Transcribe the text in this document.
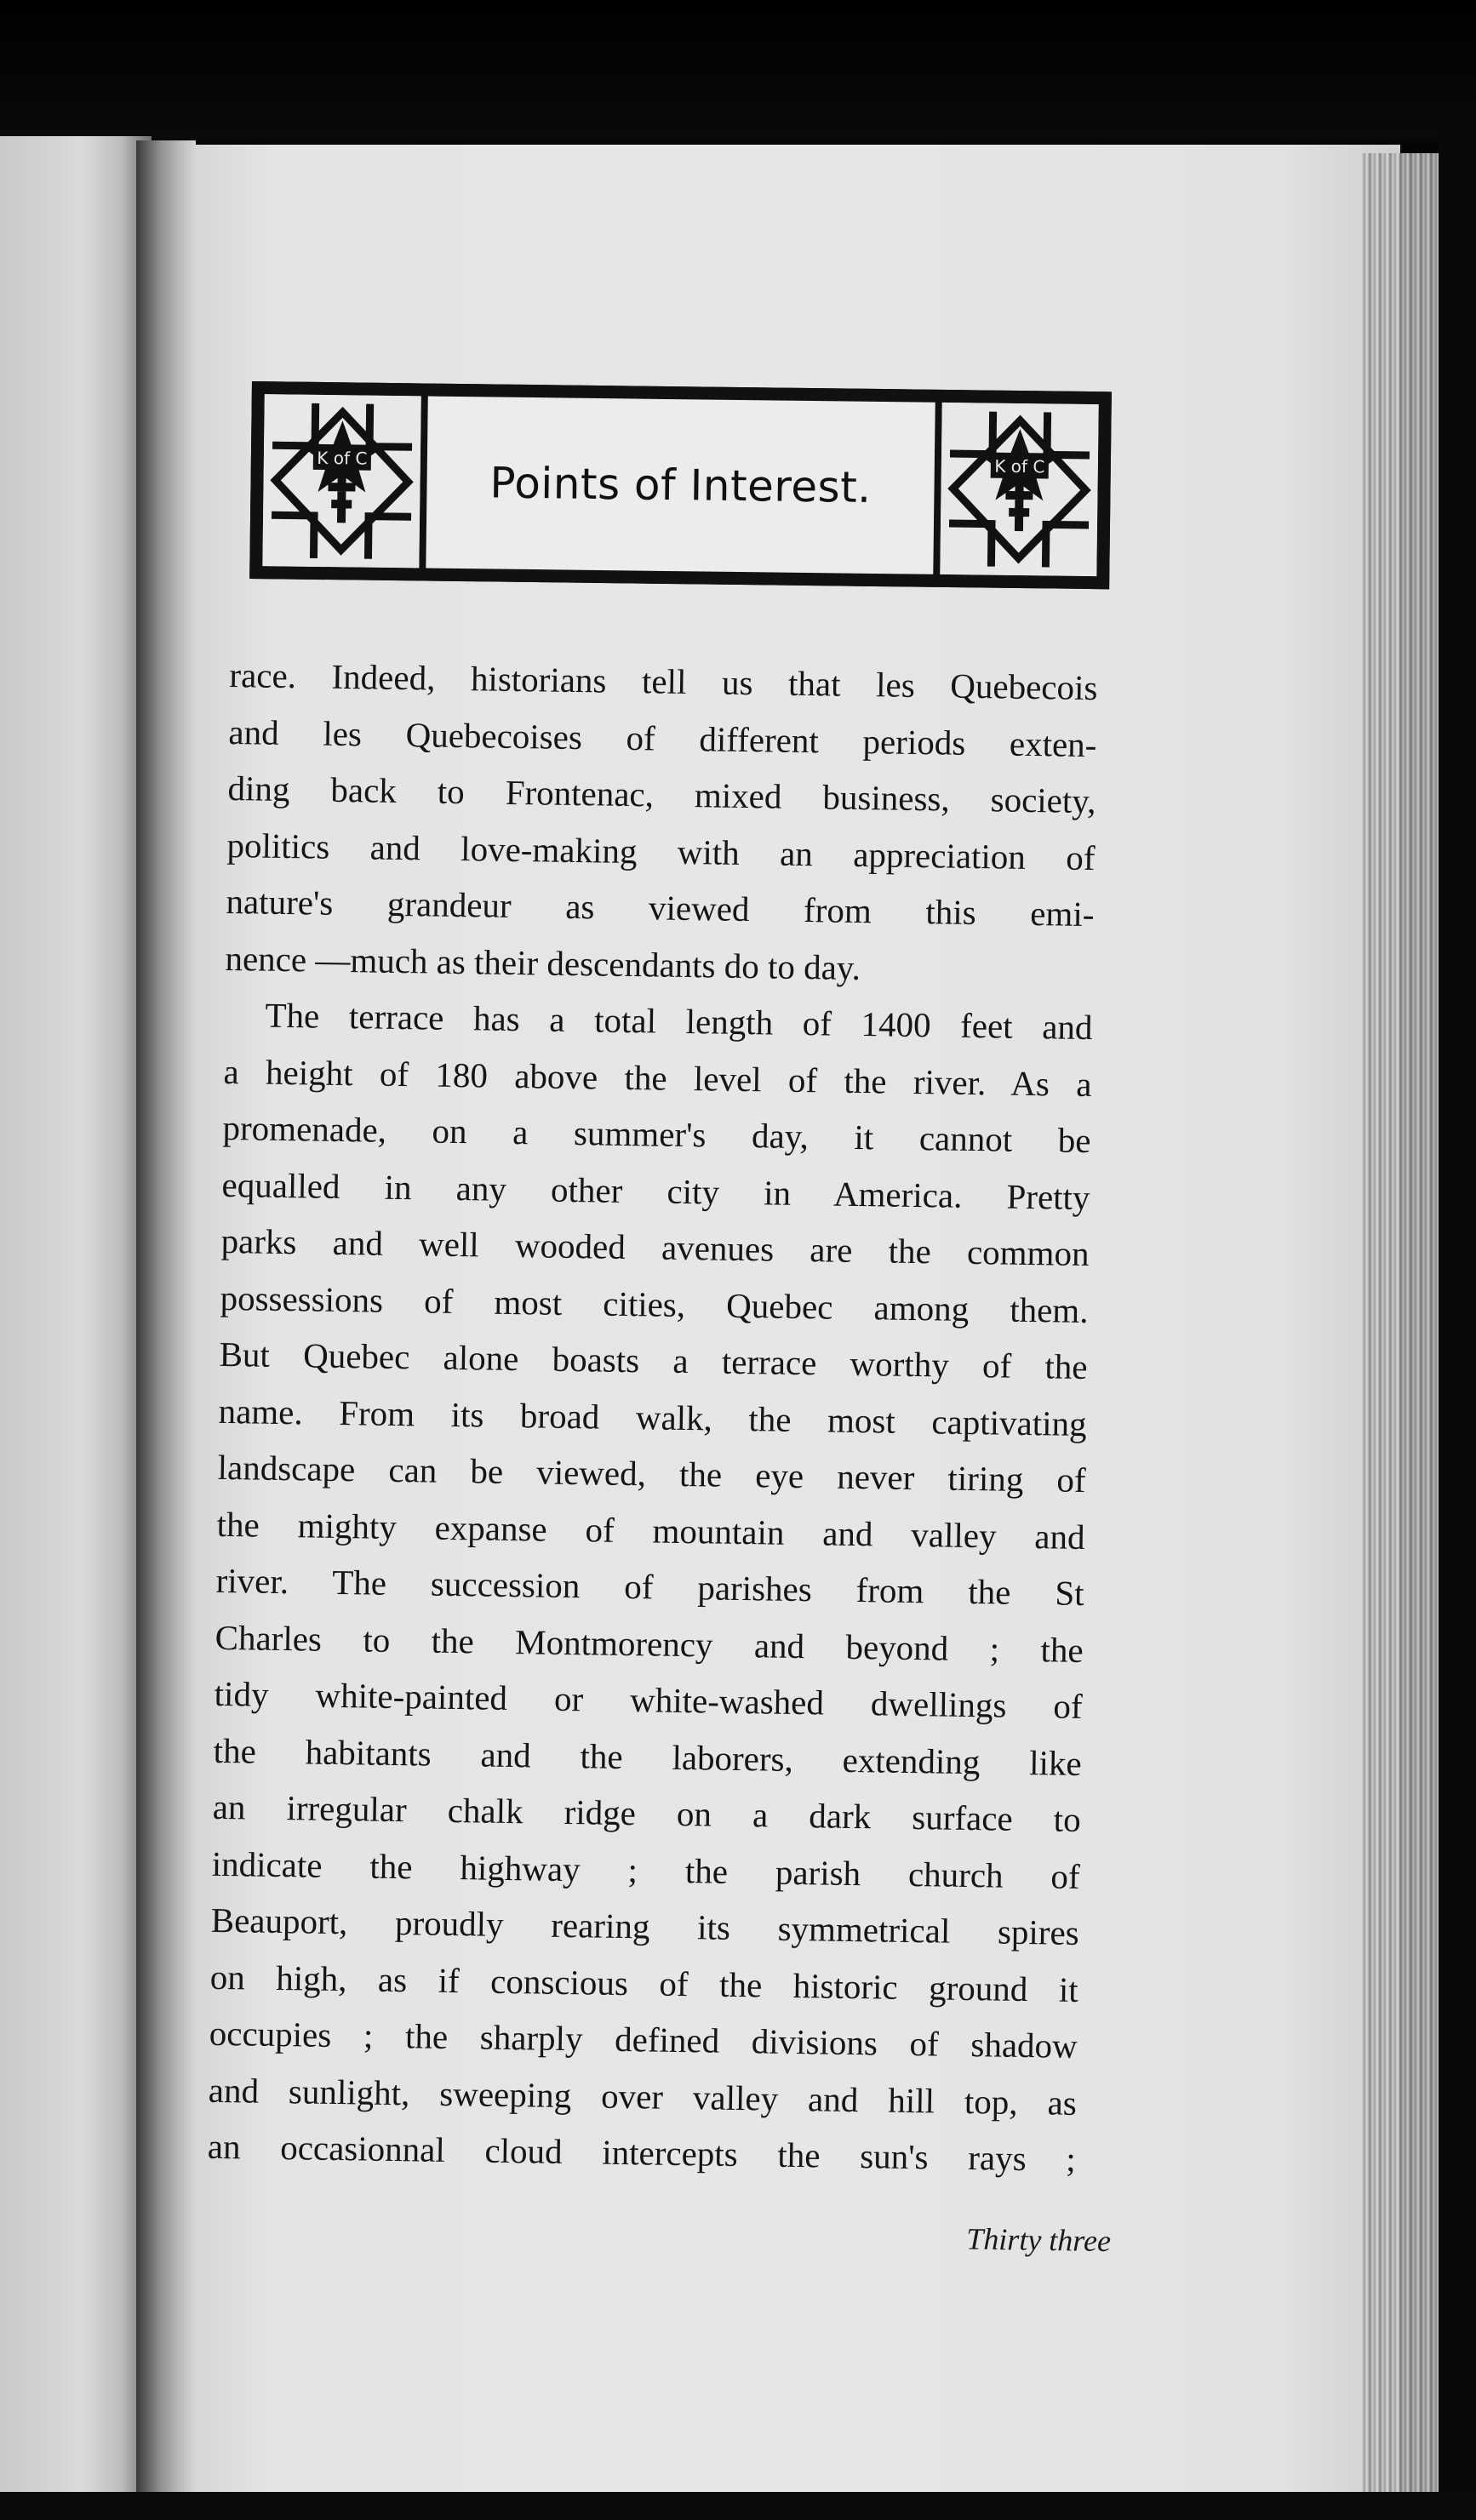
K of C
Points of Interest.	K of C
race. Indeed, historians tell us that les Quebecois
and les Quebecoises of different periods exten-
ding back to Frontenac, mixed business, society,
politics and love-making with an appreciation of
nature's grandeur as viewed from this emi-
nence —much as their descendants do to day.
The terrace has a total length of 1400 feet and
a height of 180 above the level of the river. As a
promenade, on a summer's day, it cannot be
equalled in any other city in America. Pretty
parks and well wooded avenues are the common
possessions of most cities, Quebec among them.
But Quebec alone boasts a terrace worthy of the
name. From its broad walk, the most captivating
landscape can be viewed, the eye never tiring of
the mighty expanse of mountain and valley and
river. The succession of parishes from the St
Charles to the Montmorency and beyond ; the
tidy white-painted or white-washed dwellings of
the habitants and the laborers, extending like
an irregular chalk ridge on a dark surface to
indicate the highway ; the parish church of
Beauport, proudly rearing its symmetrical spires
on high, as if conscious of the historic ground it
occupies ; the sharply defined divisions of shadow
and sunlight, sweeping over valley and hill top, as
an occasionnal cloud intercepts the sun's rays ;
Thirty three
